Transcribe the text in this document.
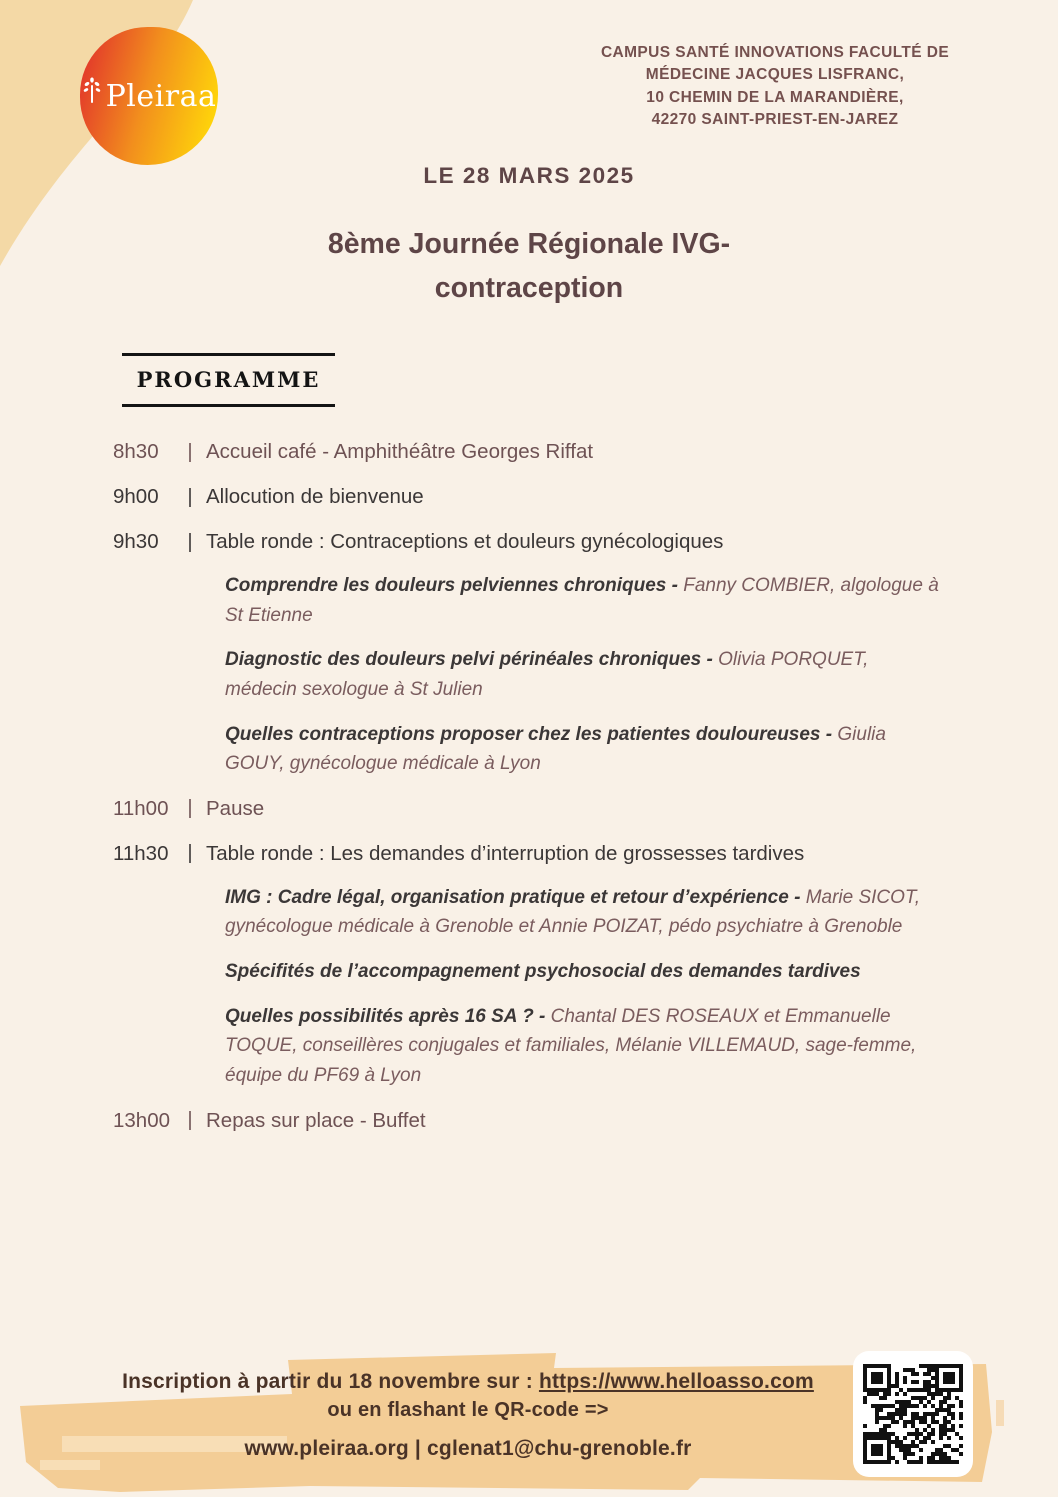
Pleiraa
CAMPUS SANTÉ INNOVATIONS FACULTÉ DE
MÉDECINE JACQUES LISFRANC,
10 CHEMIN DE LA MARANDIÈRE,
42270 SAINT-PRIEST-EN-JAREZ
LE 28 MARS 2025
8ème Journée Régionale IVG-
contraception
PROGRAMME
8h30	Accueil café - Amphithéâtre Georges Riffat
9h00	Allocution de bienvenue
9h30	Table ronde : Contraceptions et douleurs gynécologiques
Comprendre les douleurs pelviennes chroniques - Fanny COMBIER, algologue à St Etienne
Diagnostic des douleurs pelvi périnéales chroniques - Olivia PORQUET, médecin sexologue à St Julien
Quelles contraceptions proposer chez les patientes douloureuses - Giulia GOUY, gynécologue médicale à Lyon
11h00	Pause
11h30	Table ronde : Les demandes d’interruption de grossesses tardives
IMG : Cadre légal, organisation pratique et retour d’expérience - Marie SICOT, gynécologue médicale à Grenoble et Annie POIZAT, pédo psychiatre à Grenoble
Spécifités de l’accompagnement psychosocial des demandes tardives
Quelles possibilités après 16 SA ? - Chantal DES ROSEAUX et Emmanuelle TOQUE, conseillères conjugales et familiales, Mélanie VILLEMAUD, sage-femme, équipe du PF69 à Lyon
13h00	Repas sur place - Buffet
Inscription à partir du 18 novembre sur : https://www.helloasso.com
ou en flashant le QR-code =>
www.pleiraa.org | cglenat1@chu-grenoble.fr
